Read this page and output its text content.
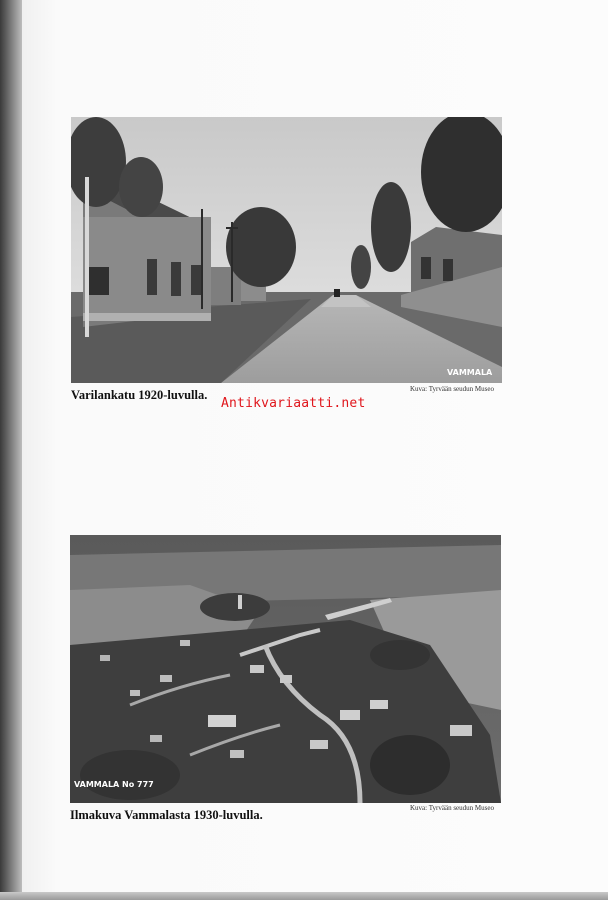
VAMMALA
Varilankatu 1920-luvulla.	Kuva: Tyrvään seudun Museo
Antikvariaatti.net
VAMMALA No 777
Kuva: Tyrvään seudun Museo
Ilmakuva Vammalasta 1930-luvulla.
